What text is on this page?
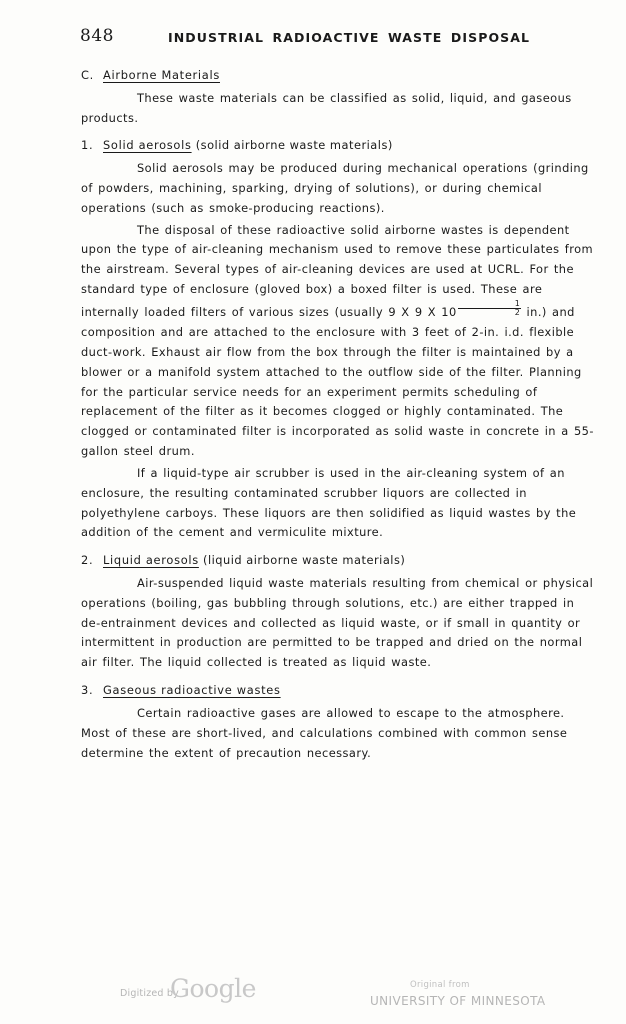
848	INDUSTRIAL RADIOACTIVE WASTE DISPOSAL
C. Airborne Materials

These waste materials can be classified as solid, liquid, and gaseous products.

1. Solid aerosols (solid airborne waste materials)

Solid aerosols may be produced during mechanical operations (grinding of powders, machining, sparking, drying of solutions), or during chemical operations (such as smoke-producing reactions).

The disposal of these radioactive solid airborne wastes is dependent upon the type of air-cleaning mechanism used to remove these particulates from the airstream. Several types of air-cleaning devices are used at UCRL. For the standard type of enclosure (gloved box) a boxed filter is used. These are internally loaded filters of various sizes (usually 9 X 9 X $10 \frac{1}{2} in$.) and composition and are attached to the enclosure with 3 feet of 2-in. i.d. flexible duct-work. Exhaust air flow from the box through the filter is maintained by a blower or a manifold system attached to the outflow side of the filter. Planning for the particular service needs for an experiment permits scheduling of replacement of the filter as it becomes clogged or highly contaminated. The clogged or contaminated filter is incorporated as solid waste in concrete in a 55-gallon steel drum.

If a liquid-type air scrubber is used in the air-cleaning system of an enclosure, the resulting contaminated scrubber liquors are collected in polyethylene carboys. These liquors are then solidified as liquid wastes by the addition of the cement and vermiculite mixture.

2. Liquid aerosols (liquid airborne waste materials)

Air-suspended liquid waste materials resulting from chemical or physical operations (boiling, gas bubbling through solutions, etc.) are either trapped in de-entrainment devices and collected as liquid waste, or if small in quantity or intermittent in production are permitted to be trapped and dried on the normal air filter. The liquid collected is treated as liquid waste.

3. Gaseous radioactive wastes

Certain radioactive gases are allowed to escape to the atmosphere. Most of these are short-lived, and calculations combined with common sense determine the extent of precaution necessary.

Digitized by
Google	Original from
UNIVERSITY OF MINNESOTA
